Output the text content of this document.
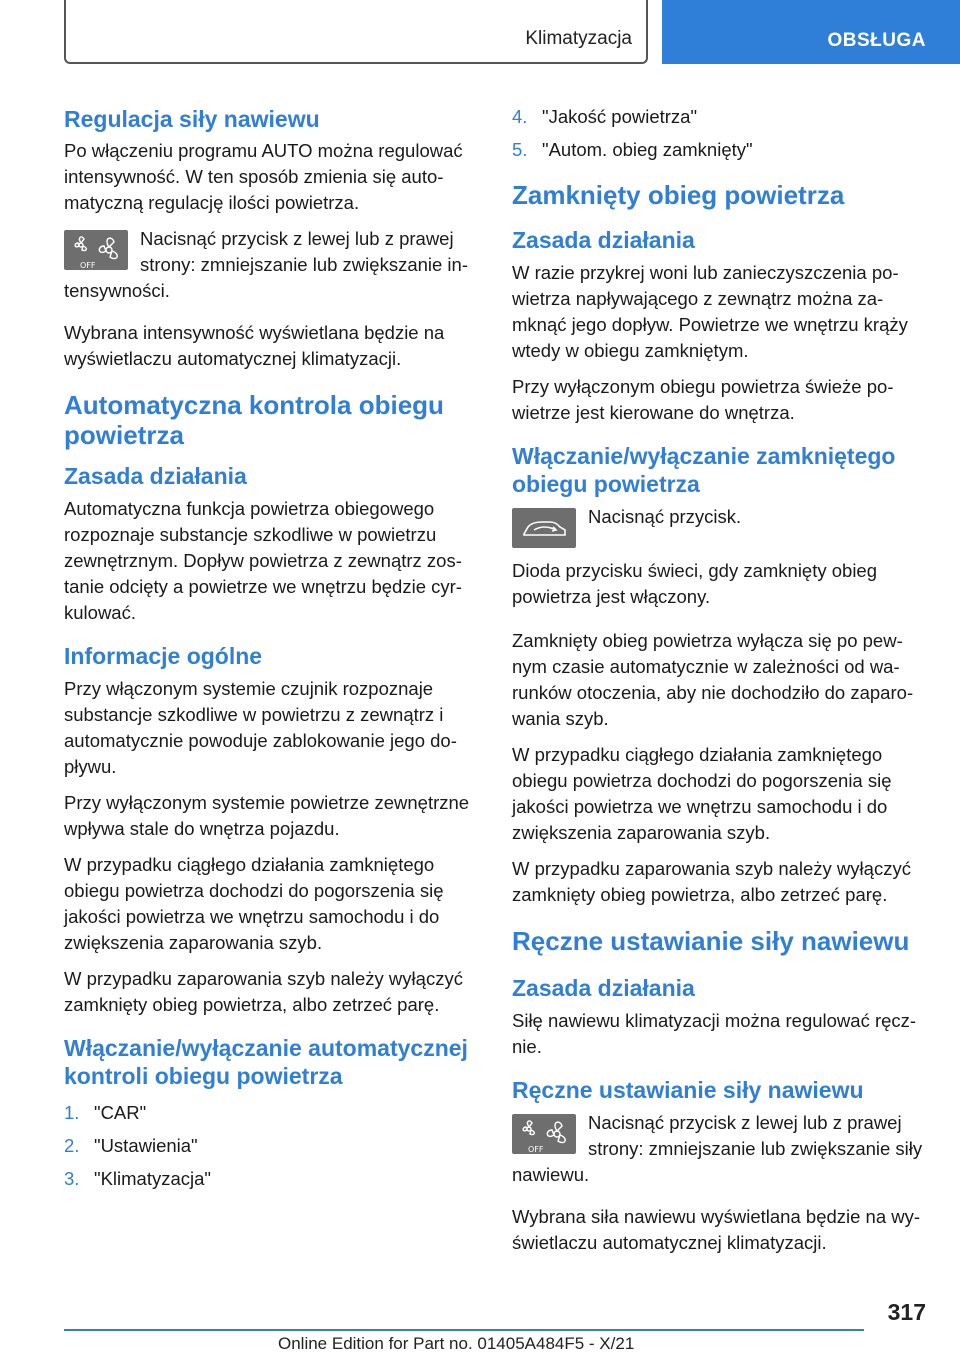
Klimatyzacja	OBSŁUGA
Regulacja siły nawiewu
Po włączeniu programu AUTO można regulować intensywność. W ten sposób zmienia się automatyczną regulację ilości powietrza.
OFF
Nacisnąć przycisk z lewej lub z prawej strony: zmniejszanie lub zwiększanie intensywności.
Wybrana intensywność wyświetlana będzie na wyświetlaczu automatycznej klimatyzacji.
Automatyczna kontrola obiegu powietrza
Zasada działania
Automatyczna funkcja powietrza obiegowego rozpoznaje substancje szkodliwe w powietrzu zewnętrznym. Dopływ powietrza z zewnątrz zostanie odcięty a powietrze we wnętrzu będzie cyrkulować.
Informacje ogólne
Przy włączonym systemie czujnik rozpoznaje substancje szkodliwe w powietrzu z zewnątrz i automatycznie powoduje zablokowanie jego dopływu.
Przy wyłączonym systemie powietrze zewnętrzne wpływa stale do wnętrza pojazdu.
W przypadku ciągłego działania zamkniętego obiegu powietrza dochodzi do pogorszenia się jakości powietrza we wnętrzu samochodu i do zwiększenia zaparowania szyb.
W przypadku zaparowania szyb należy wyłączyć zamknięty obieg powietrza, albo zetrzeć parę.
Włączanie/wyłączanie automatycznej kontroli obiegu powietrza
1. "CAR"
2. "Ustawienia"
3. "Klimatyzacja"
4. "Jakość powietrza"
5. "Autom. obieg zamknięty"
Zamknięty obieg powietrza
Zasada działania
W razie przykrej woni lub zanieczyszczenia powietrza napływającego z zewnątrz można zamknąć jego dopływ. Powietrze we wnętrzu krąży wtedy w obiegu zamkniętym.
Przy wyłączonym obiegu powietrza świeże powietrze jest kierowane do wnętrza.
Włączanie/wyłączanie zamkniętego obiegu powietrza
Nacisnąć przycisk.
Dioda przycisku świeci, gdy zamknięty obieg powietrza jest włączony.
Zamknięty obieg powietrza wyłącza się po pewnym czasie automatycznie w zależności od warunków otoczenia, aby nie dochodziło do zaparowania szyb.
W przypadku ciągłego działania zamkniętego obiegu powietrza dochodzi do pogorszenia się jakości powietrza we wnętrzu samochodu i do zwiększenia zaparowania szyb.
W przypadku zaparowania szyb należy wyłączyć zamknięty obieg powietrza, albo zetrzeć parę.
Ręczne ustawianie siły nawiewu
Zasada działania
Siłę nawiewu klimatyzacji można regulować ręcznie.
Ręczne ustawianie siły nawiewu
OFF
Nacisnąć przycisk z lewej lub z prawej strony: zmniejszanie lub zwiększanie siły nawiewu.
Wybrana siła nawiewu wyświetlana będzie na wyświetlaczu automatycznej klimatyzacji.
317
Online Edition for Part no. 01405A484F5 - X/21
